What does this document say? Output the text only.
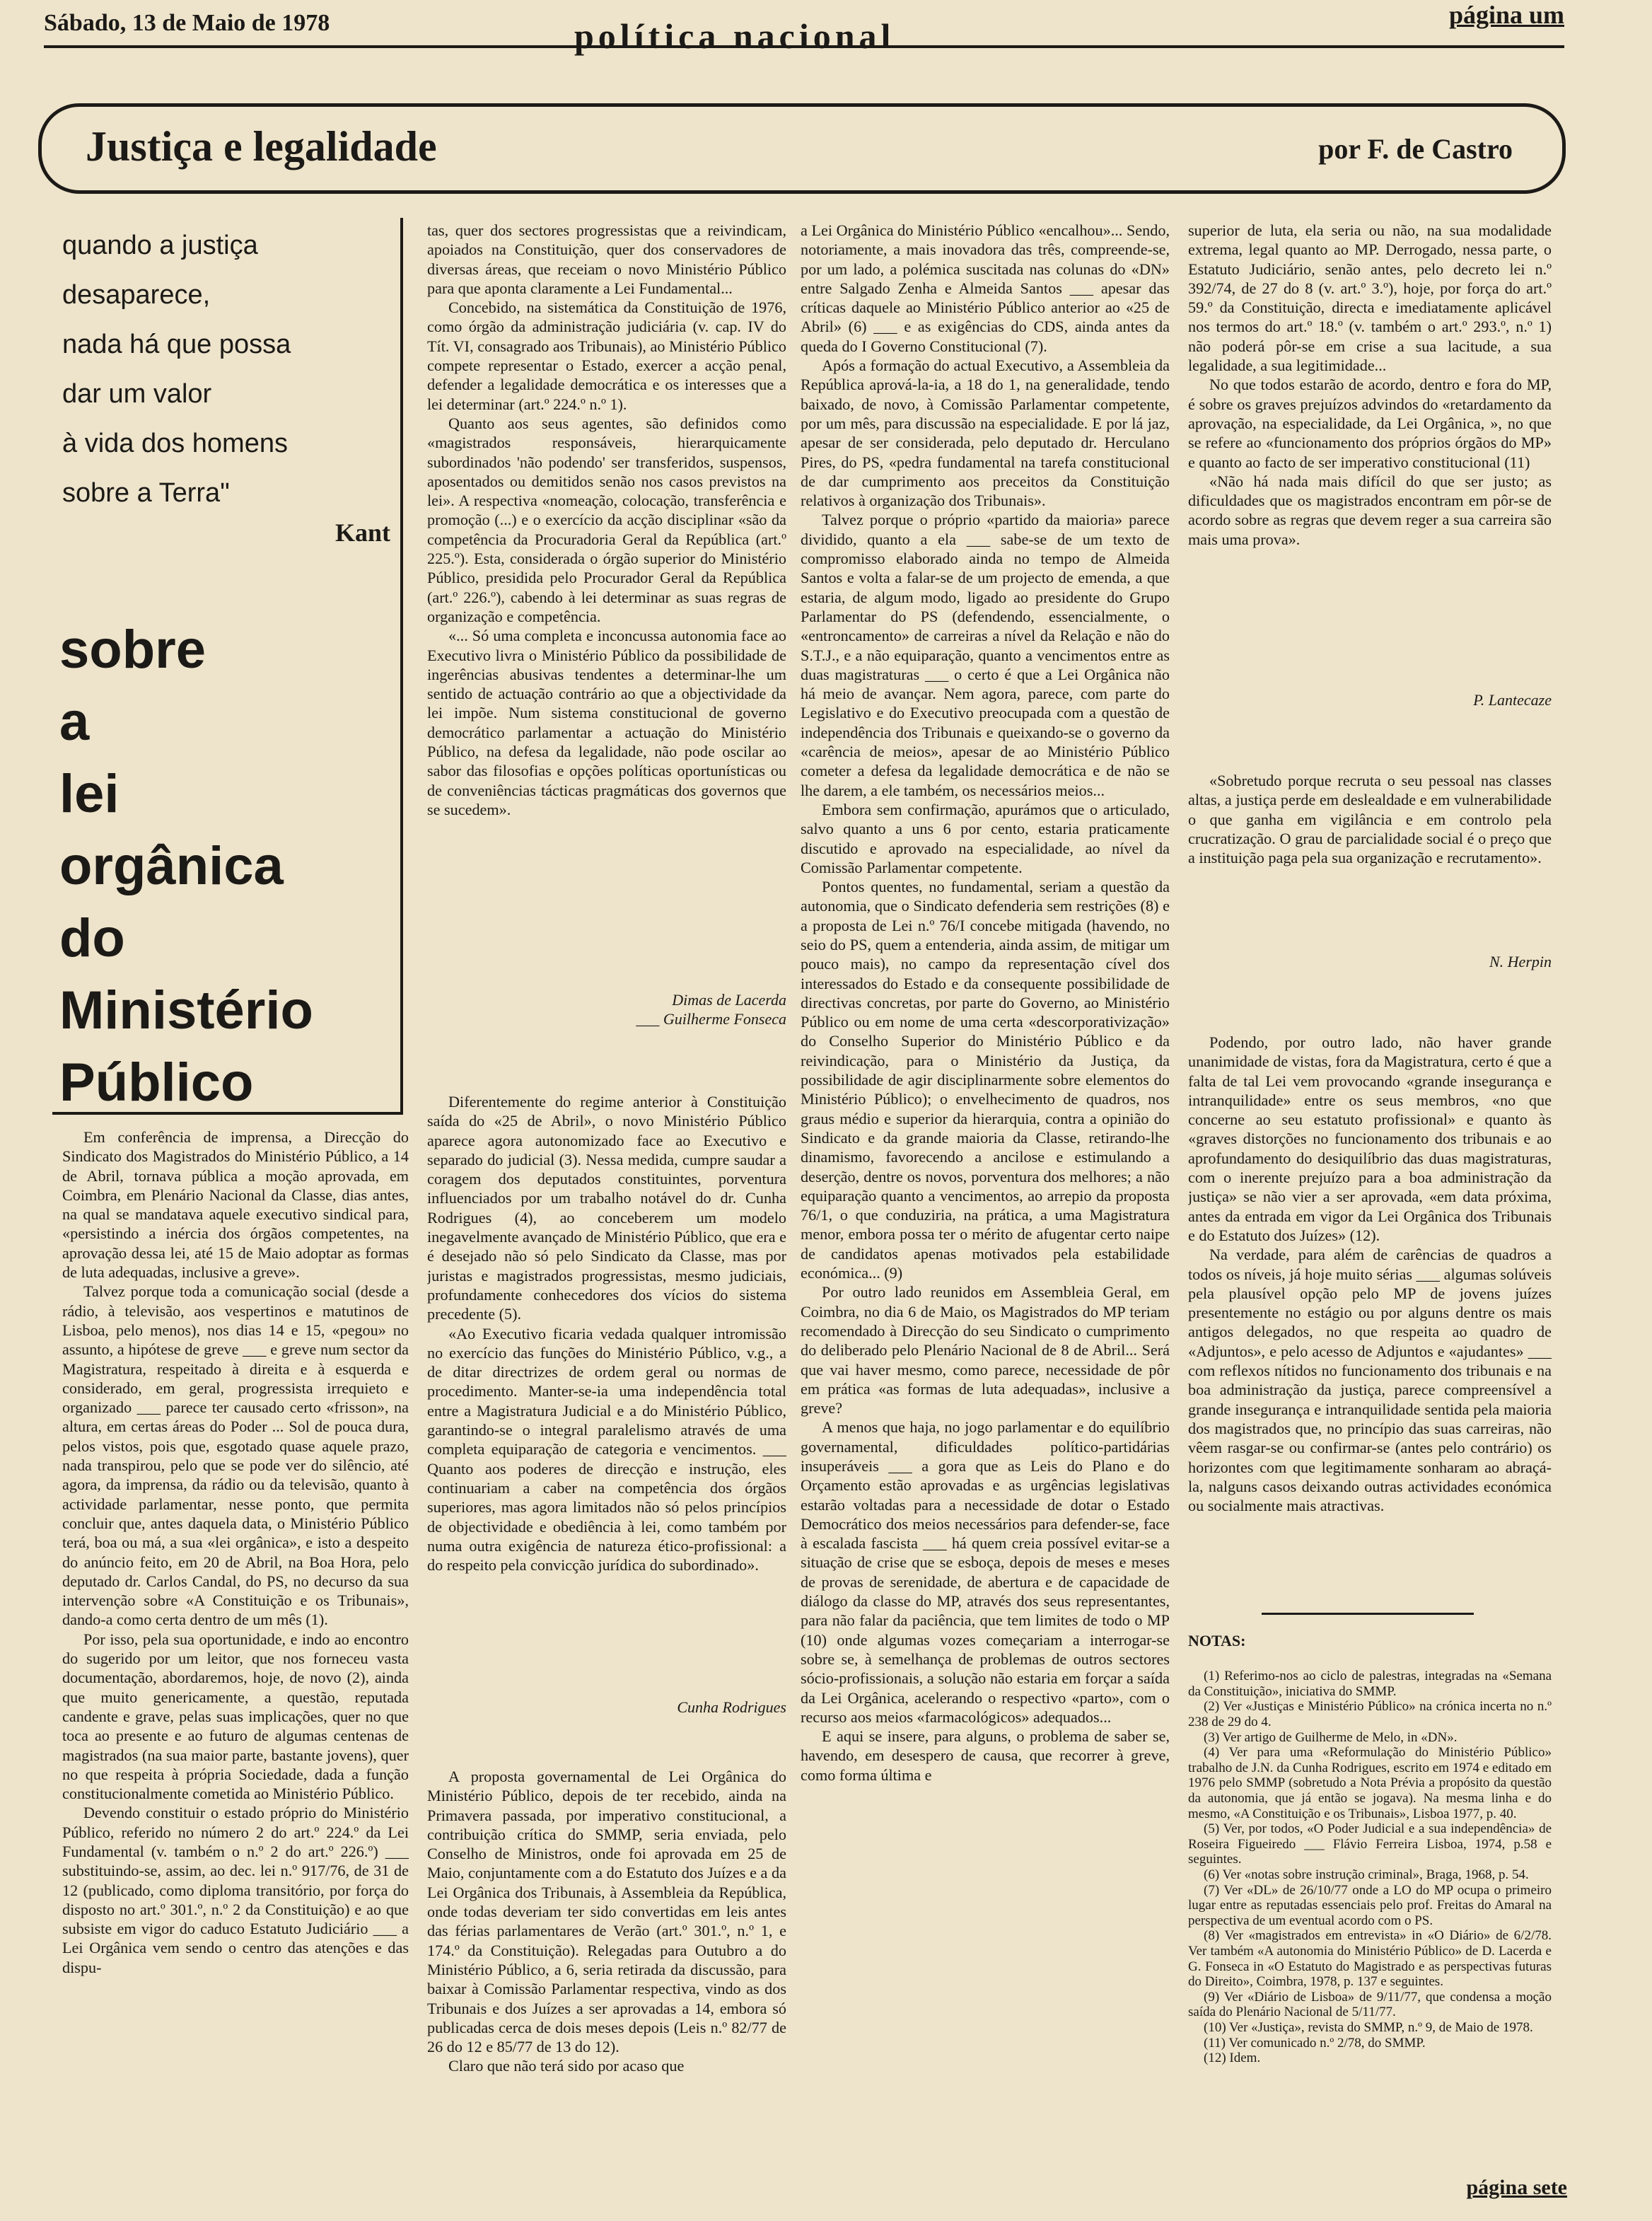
Sábado, 13 de Maio de 1978	política nacional
página um
Justiça e legalidade	por F. de Castro
quando a justiça
desaparece,
nada há que possa
dar um valor
à vida dos homens
sobre a Terra"
Kant
sobre
a
lei
orgânica
do
Ministério
Público

Em conferência de imprensa, a Direcção do Sindicato dos Magistrados do Ministério Público, a 14 de Abril, tornava pública a moção aprovada, em Coimbra, em Plenário Nacional da Classe, dias antes, na qual se mandatava aquele executivo sindical para, «persistindo a inércia dos órgãos competentes, na aprovação dessa lei, até 15 de Maio adoptar as formas de luta adequadas, inclusive a greve».

Talvez porque toda a comunicação social (desde a rádio, à televisão, aos vespertinos e matutinos de Lisboa, pelo menos), nos dias 14 e 15, «pegou» no assunto, a hipótese de greve ___ e greve num sector da Magistratura, respeitado à direita e à esquerda e considerado, em geral, progressista irrequieto e organizado ___ parece ter causado certo «frisson», na altura, em certas áreas do Poder ... Sol de pouca dura, pelos vistos, pois que, esgotado quase aquele prazo, nada transpirou, pelo que se pode ver do silêncio, até agora, da imprensa, da rádio ou da televisão, quanto à actividade parlamentar, nesse ponto, que permita concluir que, antes daquela data, o Ministério Público terá, boa ou má, a sua «lei orgânica», e isto a despeito do anúncio feito, em 20 de Abril, na Boa Hora, pelo deputado dr. Carlos Candal, do PS, no decurso da sua intervenção sobre «A Constituição e os Tribunais», dando-a como certa dentro de um mês (1).

Por isso, pela sua oportunidade, e indo ao encontro do sugerido por um leitor, que nos forneceu vasta documentação, abordaremos, hoje, de novo (2), ainda que muito genericamente, a questão, reputada candente e grave, pelas suas implicações, quer no que toca ao presente e ao futuro de algumas centenas de magistrados (na sua maior parte, bastante jovens), quer no que respeita à própria Sociedade, dada a função constitucionalmente cometida ao Ministério Público.

Devendo constituir o estado próprio do Ministério Público, referido no número 2 do art.º 224.º da Lei Fundamental (v. também o n.º 2 do art.º 226.º) ___ substituindo-se, assim, ao dec. lei n.º 917/76, de 31 de 12 (publicado, como diploma transitório, por força do disposto no art.º 301.º, n.º 2 da Constituição) e ao que subsiste em vigor do caduco Estatuto Judiciário ___ a Lei Orgânica vem sendo o centro das atenções e das dispu-

tas, quer dos sectores progressistas que a reivindicam, apoiados na Constituição, quer dos conservadores de diversas áreas, que receiam o novo Ministério Público para que aponta claramente a Lei Fundamental...

Concebido, na sistemática da Constituição de 1976, como órgão da administração judiciária (v. cap. IV do Tít. VI, consagrado aos Tribunais), ao Ministério Público compete representar o Estado, exercer a acção penal, defender a legalidade democrática e os interesses que a lei determinar (art.º 224.º n.º 1).

Quanto aos seus agentes, são definidos como «magistrados responsáveis, hierarquicamente subordinados 'não podendo' ser transferidos, suspensos, aposentados ou demitidos senão nos casos previstos na lei». A respectiva «nomeação, colocação, transferência e promoção (...) e o exercício da acção disciplinar «são da competência da Procuradoria Geral da República (art.º 225.º). Esta, considerada o órgão superior do Ministério Público, presidida pelo Procurador Geral da República (art.º 226.º), cabendo à lei determinar as suas regras de organização e competência.

«... Só uma completa e inconcussa autonomia face ao Executivo livra o Ministério Público da possibilidade de ingerências abusivas tendentes a determinar-lhe um sentido de actuação contrário ao que a objectividade da lei impõe. Num sistema constitucional de governo democrático parlamentar a actuação do Ministério Público, na defesa da legalidade, não pode oscilar ao sabor das filosofias e opções políticas oportunísticas ou de conveniências tácticas pragmáticas dos governos que se sucedem».

Dimas de Lacerda

___ Guilherme Fonseca

Diferentemente do regime anterior à Constituição saída do «25 de Abril», o novo Ministério Público aparece agora autonomizado face ao Executivo e separado do judicial (3). Nessa medida, cumpre saudar a coragem dos deputados constituintes, porventura influenciados por um trabalho notável do dr. Cunha Rodrigues (4), ao conceberem um modelo inegavelmente avançado de Ministério Público, que era e é desejado não só pelo Sindicato da Classe, mas por juristas e magistrados progressistas, mesmo judiciais, profundamente conhecedores dos vícios do sistema precedente (5).

«Ao Executivo ficaria vedada qualquer intromissão no exercício das funções do Ministério Público, v.g., a de ditar directrizes de ordem geral ou normas de procedimento. Manter-se-ia uma independência total entre a Magistratura Judicial e a do Ministério Público, garantindo-se o integral paralelismo através de uma completa equiparação de categoria e vencimentos. ___ Quanto aos poderes de direcção e instrução, eles continuariam a caber na competência dos órgãos superiores, mas agora limitados não só pelos princípios de objectividade e obediência à lei, como também por numa outra exigência de natureza ético-profissional: a do respeito pela convicção jurídica do subordinado».

Cunha Rodrigues

A proposta governamental de Lei Orgânica do Ministério Público, depois de ter recebido, ainda na Primavera passada, por imperativo constitucional, a contribuição crítica do SMMP, seria enviada, pelo Conselho de Ministros, onde foi aprovada em 25 de Maio, conjuntamente com a do Estatuto dos Juízes e a da Lei Orgânica dos Tribunais, à Assembleia da República, onde todas deveriam ter sido convertidas em leis antes das férias parlamentares de Verão (art.º 301.º, n.º 1, e 174.º da Constituição). Relegadas para Outubro a do Ministério Público, a 6, seria retirada da discussão, para baixar à Comissão Parlamentar respectiva, vindo as dos Tribunais e dos Juízes a ser aprovadas a 14, embora só publicadas cerca de dois meses depois (Leis n.º 82/77 de 26 do 12 e 85/77 de 13 do 12).

Claro que não terá sido por acaso que

a Lei Orgânica do Ministério Público «encalhou»... Sendo, notoriamente, a mais inovadora das três, compreende-se, por um lado, a polémica suscitada nas colunas do «DN» entre Salgado Zenha e Almeida Santos ___ apesar das críticas daquele ao Ministério Público anterior ao «25 de Abril» (6) ___ e as exigências do CDS, ainda antes da queda do I Governo Constitucional (7).

Após a formação do actual Executivo, a Assembleia da República aprová-la-ia, a 18 do 1, na generalidade, tendo baixado, de novo, à Comissão Parlamentar competente, por um mês, para discussão na especialidade. E por lá jaz, apesar de ser considerada, pelo deputado dr. Herculano Pires, do PS, «pedra fundamental na tarefa constitucional de dar cumprimento aos preceitos da Constituição relativos à organização dos Tribunais».

Talvez porque o próprio «partido da maioria» parece dividido, quanto a ela ___ sabe-se de um texto de compromisso elaborado ainda no tempo de Almeida Santos e volta a falar-se de um projecto de emenda, a que estaria, de algum modo, ligado ao presidente do Grupo Parlamentar do PS (defendendo, essencialmente, o «entroncamento» de carreiras a nível da Relação e não do S.T.J., e a não equiparação, quanto a vencimentos entre as duas magistraturas ___ o certo é que a Lei Orgânica não há meio de avançar. Nem agora, parece, com parte do Legislativo e do Executivo preocupada com a questão de independência dos Tribunais e queixando-se o governo da «carência de meios», apesar de ao Ministério Público cometer a defesa da legalidade democrática e de não se lhe darem, a ele também, os necessários meios...

Embora sem confirmação, apurámos que o articulado, salvo quanto a uns 6 por cento, estaria praticamente discutido e aprovado na especialidade, ao nível da Comissão Parlamentar competente.

Pontos quentes, no fundamental, seriam a questão da autonomia, que o Sindicato defenderia sem restrições (8) e a proposta de Lei n.º 76/I concebe mitigada (havendo, no seio do PS, quem a entenderia, ainda assim, de mitigar um pouco mais), no campo da representação cível dos interessados do Estado e da consequente possibilidade de directivas concretas, por parte do Governo, ao Ministério Público ou em nome de uma certa «descorporativização» do Conselho Superior do Ministério Público e da reivindicação, para o Ministério da Justiça, da possibilidade de agir disciplinarmente sobre elementos do Ministério Público); o envelhecimento de quadros, nos graus médio e superior da hierarquia, contra a opinião do Sindicato e da grande maioria da Classe, retirando-lhe dinamismo, favorecendo a ancilose e estimulando a deserção, dentre os novos, porventura dos melhores; a não equiparação quanto a vencimentos, ao arrepio da proposta 76/1, o que conduziria, na prática, a uma Magistratura menor, embora possa ter o mérito de afugentar certo naipe de candidatos apenas motivados pela estabilidade económica... (9)

Por outro lado reunidos em Assembleia Geral, em Coimbra, no dia 6 de Maio, os Magistrados do MP teriam recomendado à Direcção do seu Sindicato o cumprimento do deliberado pelo Plenário Nacional de 8 de Abril... Será que vai haver mesmo, como parece, necessidade de pôr em prática «as formas de luta adequadas», inclusive a greve?

A menos que haja, no jogo parlamentar e do equilíbrio governamental, dificuldades político-partidárias insuperáveis ___ a gora que as Leis do Plano e do Orçamento estão aprovadas e as urgências legislativas estarão voltadas para a necessidade de dotar o Estado Democrático dos meios necessários para defender-se, face à escalada fascista ___ há quem creia possível evitar-se a situação de crise que se esboça, depois de meses e meses de provas de serenidade, de abertura e de capacidade de diálogo da classe do MP, através dos seus representantes, para não falar da paciência, que tem limites de todo o MP (10) onde algumas vozes começariam a interrogar-se sobre se, à semelhança de problemas de outros sectores sócio-profissionais, a solução não estaria em forçar a saída da Lei Orgânica, acelerando o respectivo «parto», com o recurso aos meios «farmacológicos» adequados...

E aqui se insere, para alguns, o problema de saber se, havendo, em desespero de causa, que recorrer à greve, como forma última e

superior de luta, ela seria ou não, na sua modalidade extrema, legal quanto ao MP. Derrogado, nessa parte, o Estatuto Judiciário, senão antes, pelo decreto lei n.º 392/74, de 27 do 8 (v. art.º 3.º), hoje, por força do art.º 59.º da Constituição, directa e imediatamente aplicável nos termos do art.º 18.º (v. também o art.º 293.º, n.º 1) não poderá pôr-se em crise a sua lacitude, a sua legalidade, a sua legitimidade...

No que todos estarão de acordo, dentro e fora do MP, é sobre os graves prejuízos advindos do «retardamento da aprovação, na especialidade, da Lei Orgânica, », no que se refere ao «funcionamento dos próprios órgãos do MP» e quanto ao facto de ser imperativo constitucional (11)

«Não há nada mais difícil do que ser justo; as dificuldades que os magistrados encontram em pôr-se de acordo sobre as regras que devem reger a sua carreira são mais uma prova».

P. Lantecaze

«Sobretudo porque recruta o seu pessoal nas classes altas, a justiça perde em deslealdade e em vulnerabilidade o que ganha em vigilância e em controlo pela crucratização. O grau de parcialidade social é o preço que a instituição paga pela sua organização e recrutamento».

N. Herpin

Podendo, por outro lado, não haver grande unanimidade de vistas, fora da Magistratura, certo é que a falta de tal Lei vem provocando «grande insegurança e intranquilidade» entre os seus membros, «no que concerne ao seu estatuto profissional» e quanto às «graves distorções no funcionamento dos tribunais e ao aprofundamento do desiquilíbrio das duas magistraturas, com o inerente prejuízo para a boa administração da justiça» se não vier a ser aprovada, «em data próxima, antes da entrada em vigor da Lei Orgânica dos Tribunais e do Estatuto dos Juízes» (12).

Na verdade, para além de carências de quadros a todos os níveis, já hoje muito sérias ___ algumas solúveis pela plausível opção pelo MP de jovens juízes presentemente no estágio ou por alguns dentre os mais antigos delegados, no que respeita ao quadro de «Adjuntos», e pelo acesso de Adjuntos e «ajudantes» ___ com reflexos nítidos no funcionamento dos tribunais e na boa administração da justiça, parece compreensível a grande insegurança e intranquilidade sentida pela maioria dos magistrados que, no princípio das suas carreiras, não vêem rasgar-se ou confirmar-se (antes pelo contrário) os horizontes com que legitimamente sonharam ao abraçá-la, nalguns casos deixando outras actividades económica ou socialmente mais atractivas.

NOTAS:

(1) Referimo-nos ao ciclo de palestras, integradas na «Semana da Constituição», iniciativa do SMMP.

(2) Ver «Justiças e Ministério Público» na crónica incerta no n.º 238 de 29 do 4.

(3) Ver artigo de Guilherme de Melo, in «DN».

(4) Ver para uma «Reformulação do Ministério Público» trabalho de J.N. da Cunha Rodrigues, escrito em 1974 e editado em 1976 pelo SMMP (sobretudo a Nota Prévia a propósito da questão da autonomia, que já então se jogava). Na mesma linha e do mesmo, «A Constituição e os Tribunais», Lisboa 1977, p. 40.

(5) Ver, por todos, «O Poder Judicial e a sua independência» de Roseira Figueiredo ___ Flávio Ferreira Lisboa, 1974, p.58 e seguintes.

(6) Ver «notas sobre instrução criminal», Braga, 1968, p. 54.

(7) Ver «DL» de 26/10/77 onde a LO do MP ocupa o primeiro lugar entre as reputadas essenciais pelo prof. Freitas do Amaral na perspectiva de um eventual acordo com o PS.

(8) Ver «magistrados em entrevista» in «O Diário» de 6/2/78. Ver também «A autonomia do Ministério Público» de D. Lacerda e G. Fonseca in «O Estatuto do Magistrado e as perspectivas futuras do Direito», Coimbra, 1978, p. 137 e seguintes.

(9) Ver «Diário de Lisboa» de 9/11/77, que condensa a moção saída do Plenário Nacional de 5/11/77.

(10) Ver «Justiça», revista do SMMP, n.º 9, de Maio de 1978.

(11) Ver comunicado n.º 2/78, do SMMP.

(12) Idem.

página sete
